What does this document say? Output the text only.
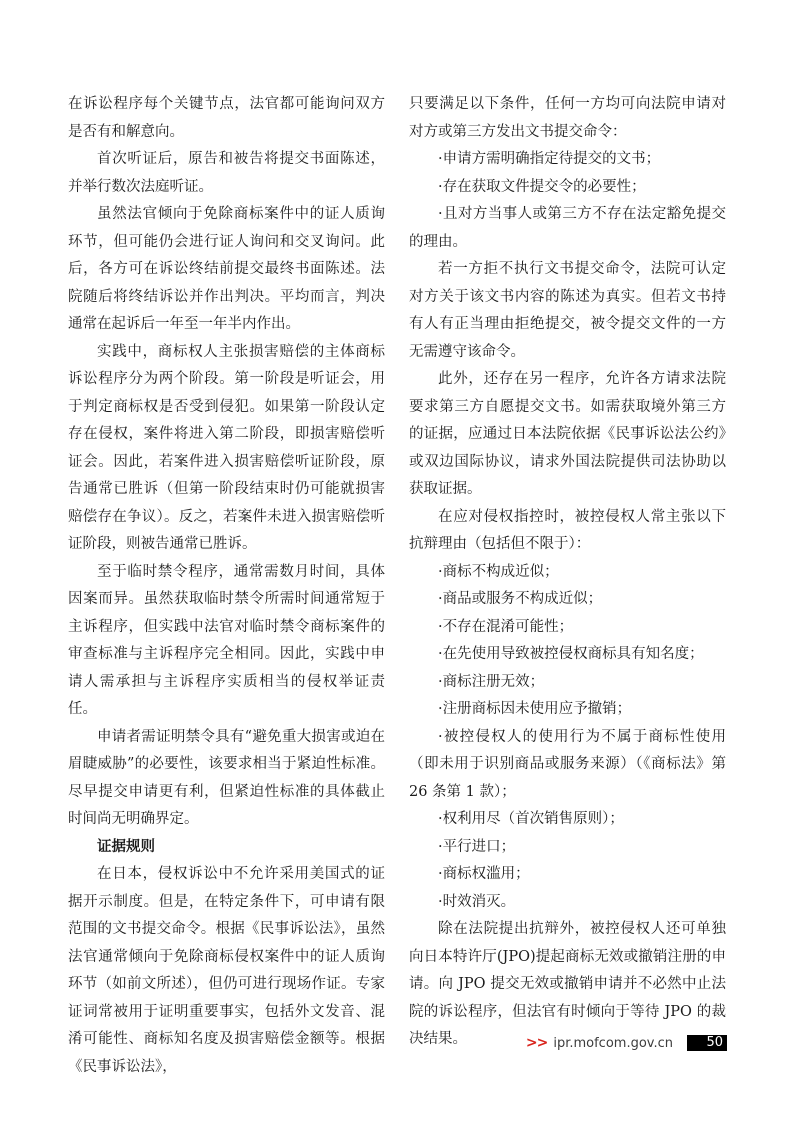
在诉讼程序每个关键节点，法官都可能询问双方是否有和解意向。

首次听证后，原告和被告将提交书面陈述，并举行数次法庭听证。

虽然法官倾向于免除商标案件中的证人质询环节，但可能仍会进行证人询问和交叉询问。此后，各方可在诉讼终结前提交最终书面陈述。法院随后将终结诉讼并作出判决。平均而言，判决通常在起诉后一年至一年半内作出。

实践中，商标权人主张损害赔偿的主体商标诉讼程序分为两个阶段。第一阶段是听证会，用于判定商标权是否受到侵犯。如果第一阶段认定存在侵权，案件将进入第二阶段，即损害赔偿听证会。因此，若案件进入损害赔偿听证阶段，原告通常已胜诉（但第一阶段结束时仍可能就损害赔偿存在争议）。反之，若案件未进入损害赔偿听证阶段，则被告通常已胜诉。

至于临时禁令程序，通常需数月时间，具体因案而异。虽然获取临时禁令所需时间通常短于主诉程序，但实践中法官对临时禁令商标案件的审查标准与主诉程序完全相同。因此，实践中申请人需承担与主诉程序实质相当的侵权举证责任。

申请者需证明禁令具有“避免重大损害或迫在眉睫威胁”的必要性，该要求相当于紧迫性标准。尽早提交申请更有利，但紧迫性标准的具体截止时间尚无明确界定。

证据规则

在日本，侵权诉讼中不允许采用美国式的证据开示制度。但是，在特定条件下，可申请有限范围的文书提交命令。根据《民事诉讼法》，虽然法官通常倾向于免除商标侵权案件中的证人质询环节（如前文所述），但仍可进行现场作证。专家证词常被用于证明重要事实，包括外文发音、混淆可能性、商标知名度及损害赔偿金额等。根据《民事诉讼法》，

只要满足以下条件，任何一方均可向法院申请对对方或第三方发出文书提交命令：

·申请方需明确指定待提交的文书；

·存在获取文件提交令的必要性；

·且对方当事人或第三方不存在法定豁免提交的理由。

若一方拒不执行文书提交命令，法院可认定对方关于该文书内容的陈述为真实。但若文书持有人有正当理由拒绝提交，被令提交文件的一方无需遵守该命令。

此外，还存在另一程序，允许各方请求法院要求第三方自愿提交文书。如需获取境外第三方的证据，应通过日本法院依据《民事诉讼法公约》或双边国际协议，请求外国法院提供司法协助以获取证据。

在应对侵权指控时，被控侵权人常主张以下抗辩理由（包括但不限于）：

·商标不构成近似；

·商品或服务不构成近似；

·不存在混淆可能性；

·在先使用导致被控侵权商标具有知名度；

·商标注册无效；

·注册商标因未使用应予撤销；

·被控侵权人的使用行为不属于商标性使用（即未用于识别商品或服务来源）（《商标法》第 26 条第 1 款）；

·权利用尽（首次销售原则）；

·平行进口；

·商标权滥用；

·时效消灭。

除在法院提出抗辩外，被控侵权人还可单独向日本特许厅(JPO)提起商标无效或撤销注册的申请。向 JPO 提交无效或撤销申请并不必然中止法院的诉讼程序，但法官有时倾向于等待 JPO 的裁决结果。	>> ipr.mofcom.gov.cn	50
